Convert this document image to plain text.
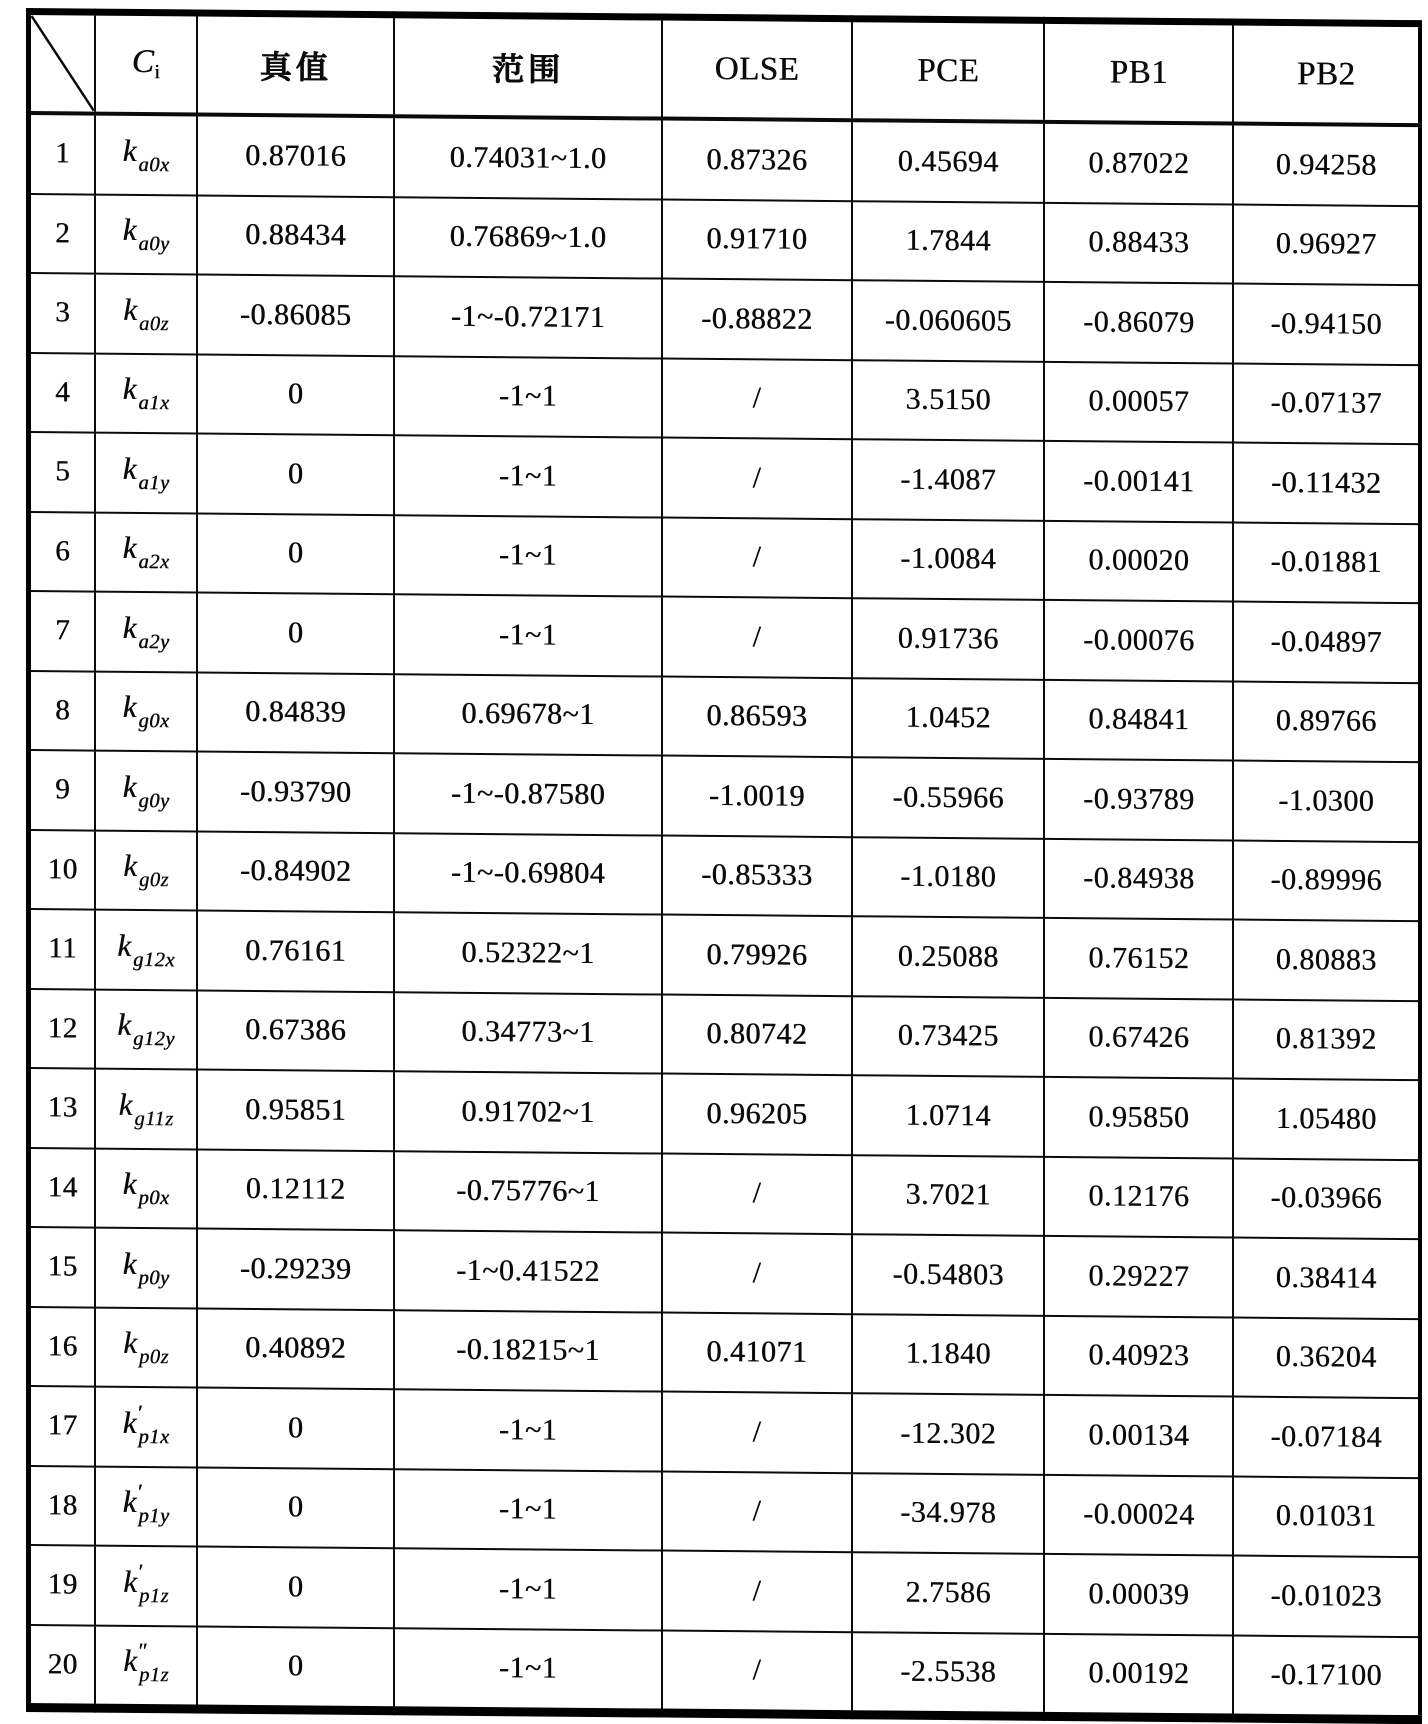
	Ci	真值	范围	OLSE	PCE	PB1	PB2
1	$k_{a0x}$	0.87016	0.74031~1.0	0.87326	0.45694	0.87022	0.94258
2	$k_{a0y}$	0.88434	0.76869~1.0	0.91710	1.7844	0.88433	0.96927
3	$k_{a0z}$	-0.86085	-1~-0.72171	-0.88822	-0.060605	-0.86079	-0.94150
4	$k_{a1x}$	0	-1~1	/	3.5150	0.00057	-0.07137
5	$k_{a1y}$	0	-1~1	/	-1.4087	-0.00141	-0.11432
6	$k_{a2x}$	0	-1~1	/	-1.0084	0.00020	-0.01881
7	$k_{a2y}$	0	-1~1	/	0.91736	-0.00076	-0.04897
8	$k_{g0x}$	0.84839	0.69678~1	0.86593	1.0452	0.84841	0.89766
9	$k_{g0y}$	-0.93790	-1~-0.87580	-1.0019	-0.55966	-0.93789	-1.0300
10	$k_{g0z}$	-0.84902	-1~-0.69804	-0.85333	-1.0180	-0.84938	-0.89996
11	$k_{g12x}$	0.76161	0.52322~1	0.79926	0.25088	0.76152	0.80883
12	$k_{g12y}$	0.67386	0.34773~1	0.80742	0.73425	0.67426	0.81392
13	$k_{g11z}$	0.95851	0.91702~1	0.96205	1.0714	0.95850	1.05480
14	$k_{p0x}$	0.12112	-0.75776~1	/	3.7021	0.12176	-0.03966
15	$k_{p0y}$	-0.29239	-1~0.41522	/	-0.54803	0.29227	0.38414
16	$k_{p0z}$	0.40892	-0.18215~1	0.41071	1.1840	0.40923	0.36204
17	$k'_{p1x}$	0	-1~1	/	-12.302	0.00134	-0.07184
18	$k'_{p1y}$	0	-1~1	/	-34.978	-0.00024	0.01031
19	$k'_{p1z}$	0	-1~1	/	2.7586	0.00039	-0.01023
20	$k''_{p1z}$	0	-1~1	/	-2.5538	0.00192	-0.17100
